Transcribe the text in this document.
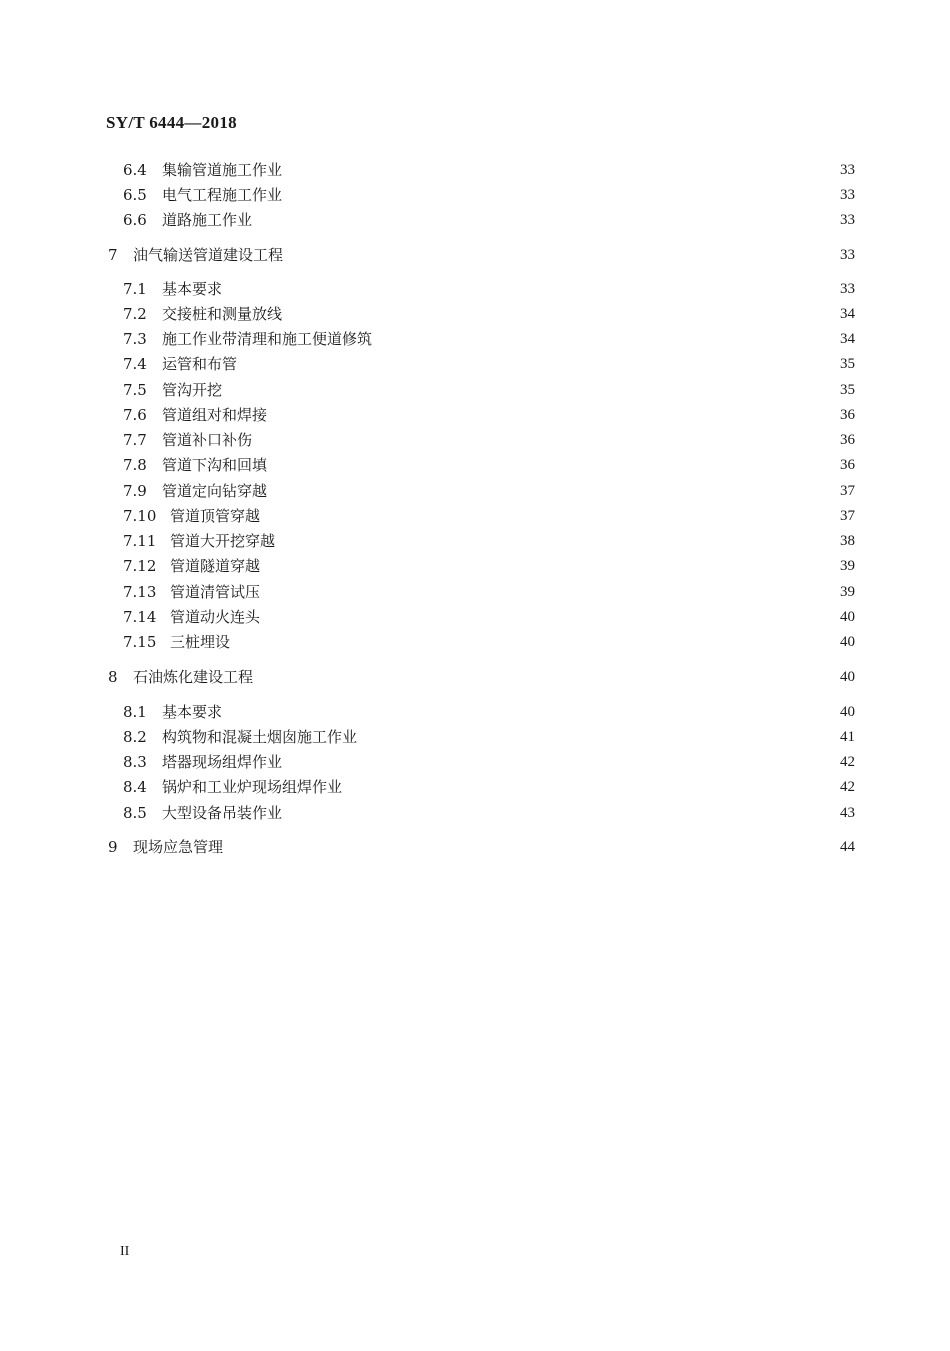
SY/T 6444—2018
6.4	集输管道施工作业	33
6.5	电气工程施工作业	33
6.6	道路施工作业	33
7	油气输送管道建设工程	33
7.1	基本要求	33
7.2	交接桩和测量放线	34
7.3	施工作业带清理和施工便道修筑	34
7.4	运管和布管	35
7.5	管沟开挖	35
7.6	管道组对和焊接	36
7.7	管道补口补伤	36
7.8	管道下沟和回填	36
7.9	管道定向钻穿越	37
7.10 管道顶管穿越	37
7.11 管道大开挖穿越	38
7.12 管道隧道穿越	39
7.13 管道清管试压	39
7.14 管道动火连头	40
7.15 三桩埋设	40
8	石油炼化建设工程	40
8.1	基本要求	40
8.2	构筑物和混凝土烟囱施工作业	41
8.3	塔器现场组焊作业	42
8.4	锅炉和工业炉现场组焊作业	42
8.5	大型设备吊装作业	43
9	现场应急管理	44
II
